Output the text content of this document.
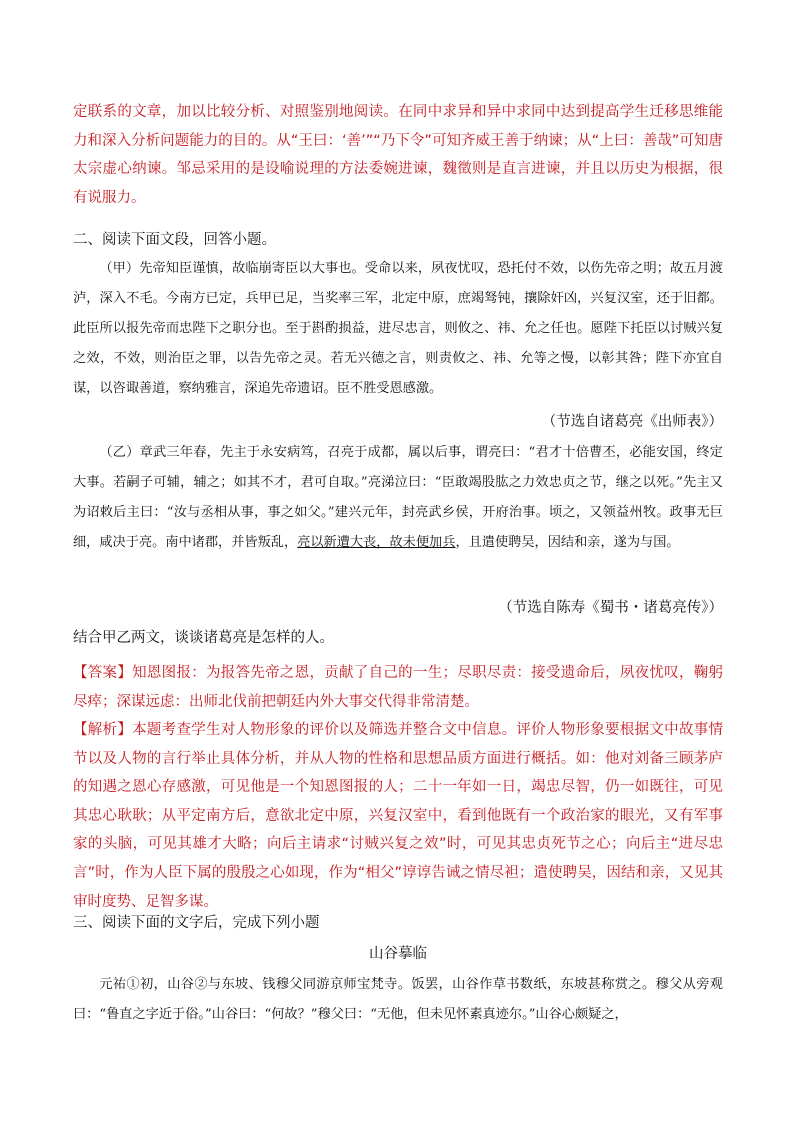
定联系的文章，加以比较分析、对照鉴别地阅读。在同中求异和异中求同中达到提高学生迁移思维能力和深入分析问题能力的目的。从“王曰：‘善’”“乃下令”可知齐威王善于纳谏；从“上曰：善哉”可知唐太宗虚心纳谏。邹忌采用的是设喻说理的方法委婉进谏，魏徵则是直言进谏，并且以历史为根据，很有说服力。
二、阅读下面文段，回答小题。
（甲）先帝知臣谨慎，故临崩寄臣以大事也。受命以来，夙夜忧叹，恐托付不效，以伤先帝之明；故五月渡泸，深入不毛。今南方已定，兵甲已足，当奖率三军，北定中原，庶竭驽钝，攘除奸凶，兴复汉室，还于旧都。此臣所以报先帝而忠陛下之职分也。至于斟酌损益，进尽忠言，则攸之、祎、允之任也。愿陛下托臣以讨贼兴复之效，不效，则治臣之罪，以告先帝之灵。若无兴德之言，则责攸之、祎、允等之慢，以彰其咎；陛下亦宜自谋，以咨诹善道，察纳雅言，深追先帝遗诏。臣不胜受恩感激。
（节选自诸葛亮《出师表》）
（乙）章武三年春，先主于永安病笃，召亮于成都，属以后事，谓亮曰：“君才十倍曹丕，必能安国，终定大事。若嗣子可辅，辅之；如其不才，君可自取。”亮涕泣曰：“臣敢竭股肱之力效忠贞之节，继之以死。”先主又为诏敕后主曰：“汝与丞相从事，事之如父。”建兴元年，封亮武乡侯，开府治事。顷之，又领益州牧。政事无巨细，咸决于亮。南中诸郡，并皆叛乱，亮以新遭大丧，故未便加兵，且遣使聘吴，因结和亲，遂为与国。
（节选自陈寿《蜀书・诸葛亮传》）
结合甲乙两文，谈谈诸葛亮是怎样的人。
【答案】知恩图报：为报答先帝之恩，贡献了自己的一生；尽职尽责：接受遗命后，夙夜忧叹，鞠躬尽瘁；深谋远虑：出师北伐前把朝廷内外大事交代得非常清楚。
【解析】本题考查学生对人物形象的评价以及筛选并整合文中信息。评价人物形象要根据文中故事情节以及人物的言行举止具体分析，并从人物的性格和思想品质方面进行概括。如：他对刘备三顾茅庐的知遇之恩心存感激，可见他是一个知恩图报的人；二十一年如一日，竭忠尽智，仍一如既往，可见其忠心耿耿；从平定南方后，意欲北定中原，兴复汉室中，看到他既有一个政治家的眼光，又有军事家的头脑，可见其雄才大略；向后主请求“讨贼兴复之效”时，可见其忠贞死节之心；向后主“进尽忠言”时，作为人臣下属的殷殷之心如现，作为“相父”谆谆告诫之情尽袒；遣使聘吴，因结和亲，又见其审时度势、足智多谋。
三、阅读下面的文字后，完成下列小题
山谷摹临
元祐①初，山谷②与东坡、钱穆父同游京师宝梵寺。饭罢，山谷作草书数纸，东坡甚称赏之。穆父从旁观曰：“鲁直之字近于俗。”山谷曰：“何故？”穆父曰：“无他，但未见怀素真迹尔。”山谷心颇疑之，
